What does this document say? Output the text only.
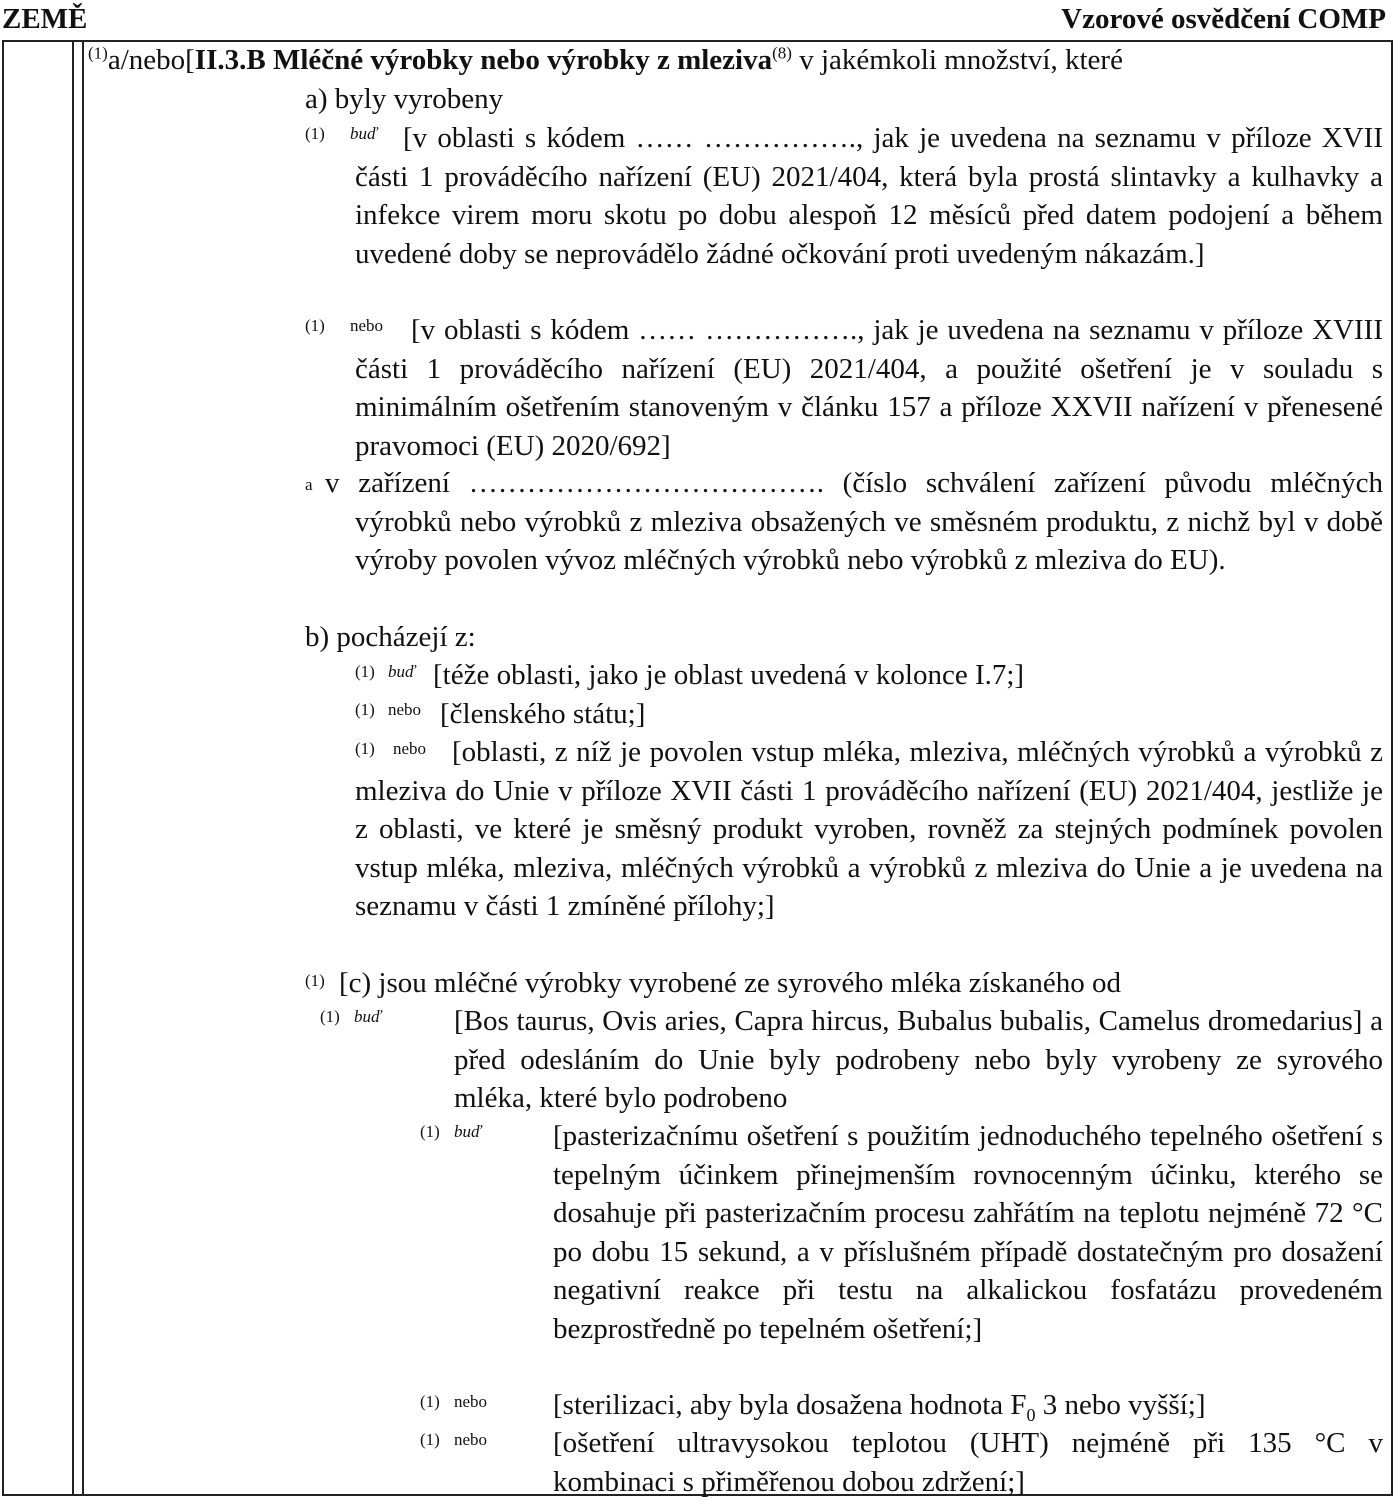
ZEMĚ	Vzorové osvědčení COMP
$^{(1)}$a/nebo[II.3.B Mléčné výrobky nebo výrobky z mleziva$^{(8)}$ v jakémkoli množství, které
a) byly vyrobeny
(1) buď [v oblasti s kódem …… ……………., jak je uvedena na seznamu v příloze XVII části 1 prováděcího nařízení (EU) 2021/404, která byla prostá slintavky a kulhavky a infekce virem moru skotu po dobu alespoň 12 měsíců před datem podojení a během uvedené doby se neprovádělo žádné očkování proti uvedeným nákazám.]
(1) nebo [v oblasti s kódem …… ……………., jak je uvedena na seznamu v příloze XVIII části 1 prováděcího nařízení (EU) 2021/404, a použité ošetření je v souladu s minimálním ošetřením stanoveným v článku 157 a příloze XXVII nařízení v přenesené pravomoci (EU) 2020/692]
a v zařízení ………………………………. (číslo schválení zařízení původu mléčných výrobků nebo výrobků z mleziva obsažených ve směsném produktu, z nichž byl v době výroby povolen vývoz mléčných výrobků nebo výrobků z mleziva do EU).
b) pocházejí z:
(1) buď [téže oblasti, jako je oblast uvedená v kolonce I.7;]
(1) nebo [členského státu;]
(1) nebo [oblasti, z níž je povolen vstup mléka, mleziva, mléčných výrobků a výrobků z mleziva do Unie v příloze XVII části 1 prováděcího nařízení (EU) 2021/404, jestliže je z oblasti, ve které je směsný produkt vyroben, rovněž za stejných podmínek povolen vstup mléka, mleziva, mléčných výrobků a výrobků z mleziva do Unie a je uvedena na seznamu v části 1 zmíněné přílohy;]
(1) [c) jsou mléčné výrobky vyrobené ze syrového mléka získaného od
(1) buď	[Bos taurus, Ovis aries, Capra hircus, Bubalus bubalis, Camelus dromedarius] a před odesláním do Unie byly podrobeny nebo byly vyrobeny ze syrového mléka, které bylo podrobeno
(1) buď [pasterizačnímu ošetření s použitím jednoduchého tepelného ošetření s tepelným účinkem přinejmenším rovnocenným účinku, kterého se dosahuje při pasterizačním procesu zahřátím na teplotu nejméně 72 °C po dobu 15 sekund, a v příslušném případě dostatečným pro dosažení negativní reakce při testu na alkalickou fosfatázu provedeném bezprostředně po tepelném ošetření;]
(1) nebo [sterilizaci, aby byla dosažena hodnota $F_0$ 3 nebo vyšší;]
(1) nebo [ošetření ultravysokou teplotou (UHT) nejméně při 135 °C v kombinaci s přiměřenou dobou zdržení;]
